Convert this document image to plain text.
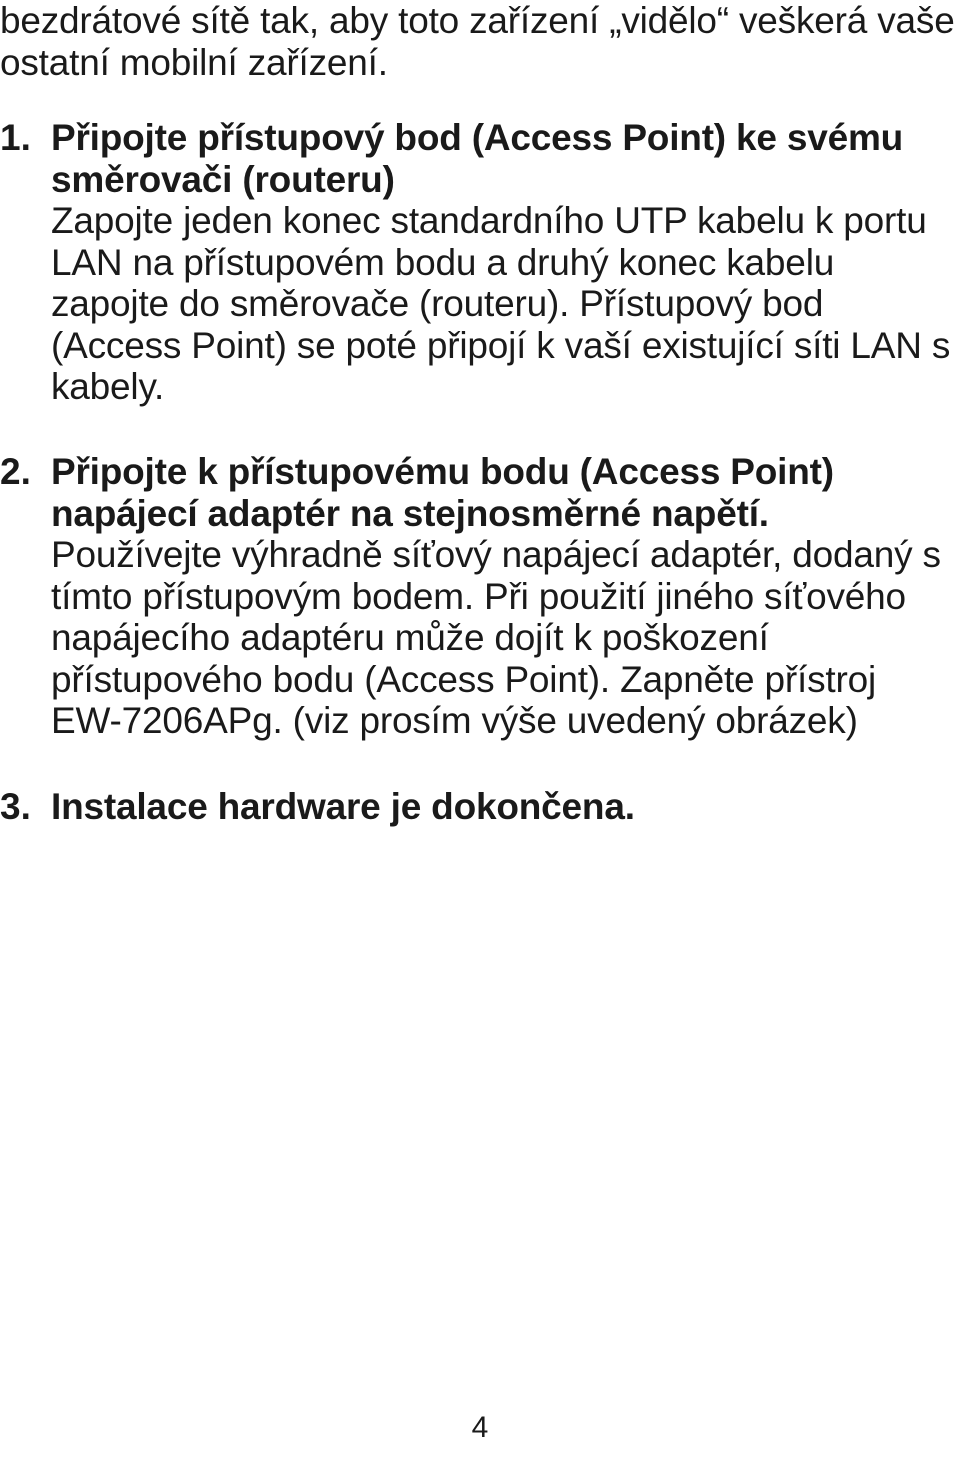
bezdrátové sítě tak, aby toto zařízení „vidělo“ veškerá vaše ostatní mobilní zařízení.

1. Připojte přístupový bod (Access Point) ke svému směrovači (routeru)
Zapojte jeden konec standardního UTP kabelu k portu LAN na přístupovém bodu a druhý konec kabelu zapojte do směrovače (routeru). Přístupový bod (Access Point) se poté připojí k vaší existující síti LAN s kabely.
2. Připojte k přístupovému bodu (Access Point) napájecí adaptér na stejnosměrné napětí.
Používejte výhradně síťový napájecí adaptér, dodaný s tímto přístupovým bodem. Při použití jiného síťového napájecího adaptéru může dojít k poškození přístupového bodu (Access Point). Zapněte přístroj EW-7206APg. (viz prosím výše uvedený obrázek)
3. Instalace hardware je dokončena.
4
